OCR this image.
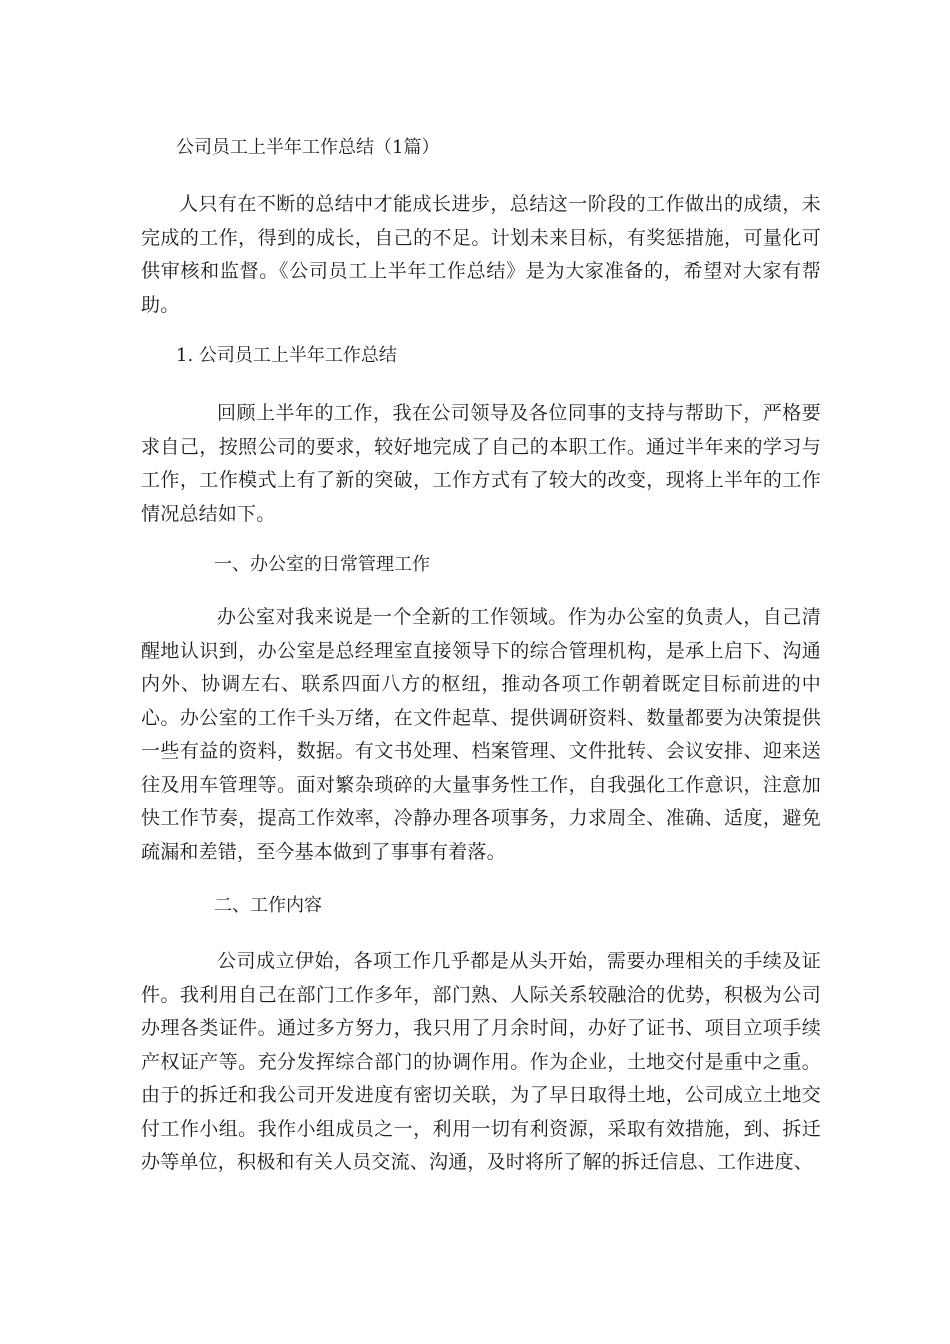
公司员工上半年工作总结（1篇）

人只有在不断的总结中才能成长进步，总结这一阶段的工作做出的成绩，未完成的工作，得到的成长，自己的不足。计划未来目标，有奖惩措施，可量化可供审核和监督。《公司员工上半年工作总结》是为大家准备的，希望对大家有帮助。

1. 公司员工上半年工作总结

回顾上半年的工作，我在公司领导及各位同事的支持与帮助下，严格要求自己，按照公司的要求，较好地完成了自己的本职工作。通过半年来的学习与工作，工作模式上有了新的突破，工作方式有了较大的改变，现将上半年的工作情况总结如下。

一、办公室的日常管理工作

办公室对我来说是一个全新的工作领域。作为办公室的负责人，自己清醒地认识到，办公室是总经理室直接领导下的综合管理机构，是承上启下、沟通内外、协调左右、联系四面八方的枢纽，推动各项工作朝着既定目标前进的中心。办公室的工作千头万绪，在文件起草、提供调研资料、数量都要为决策提供一些有益的资料，数据。有文书处理、档案管理、文件批转、会议安排、迎来送往及用车管理等。面对繁杂琐碎的大量事务性工作，自我强化工作意识，注意加快工作节奏，提高工作效率，冷静办理各项事务，力求周全、准确、适度，避免疏漏和差错，至今基本做到了事事有着落。

二、工作内容

公司成立伊始，各项工作几乎都是从头开始，需要办理相关的手续及证件。我利用自己在部门工作多年，部门熟、人际关系较融洽的优势，积极为公司办理各类证件。通过多方努力，我只用了月余时间，办好了证书、项目立项手续产权证产等。充分发挥综合部门的协调作用。作为企业，土地交付是重中之重。由于的拆迁和我公司开发进度有密切关联，为了早日取得土地，公司成立土地交付工作小组。我作小组成员之一，利用一切有利资源，采取有效措施，到、拆迁办等单位，积极和有关人员交流、沟通，及时将所了解的拆迁信息、工作进度、
